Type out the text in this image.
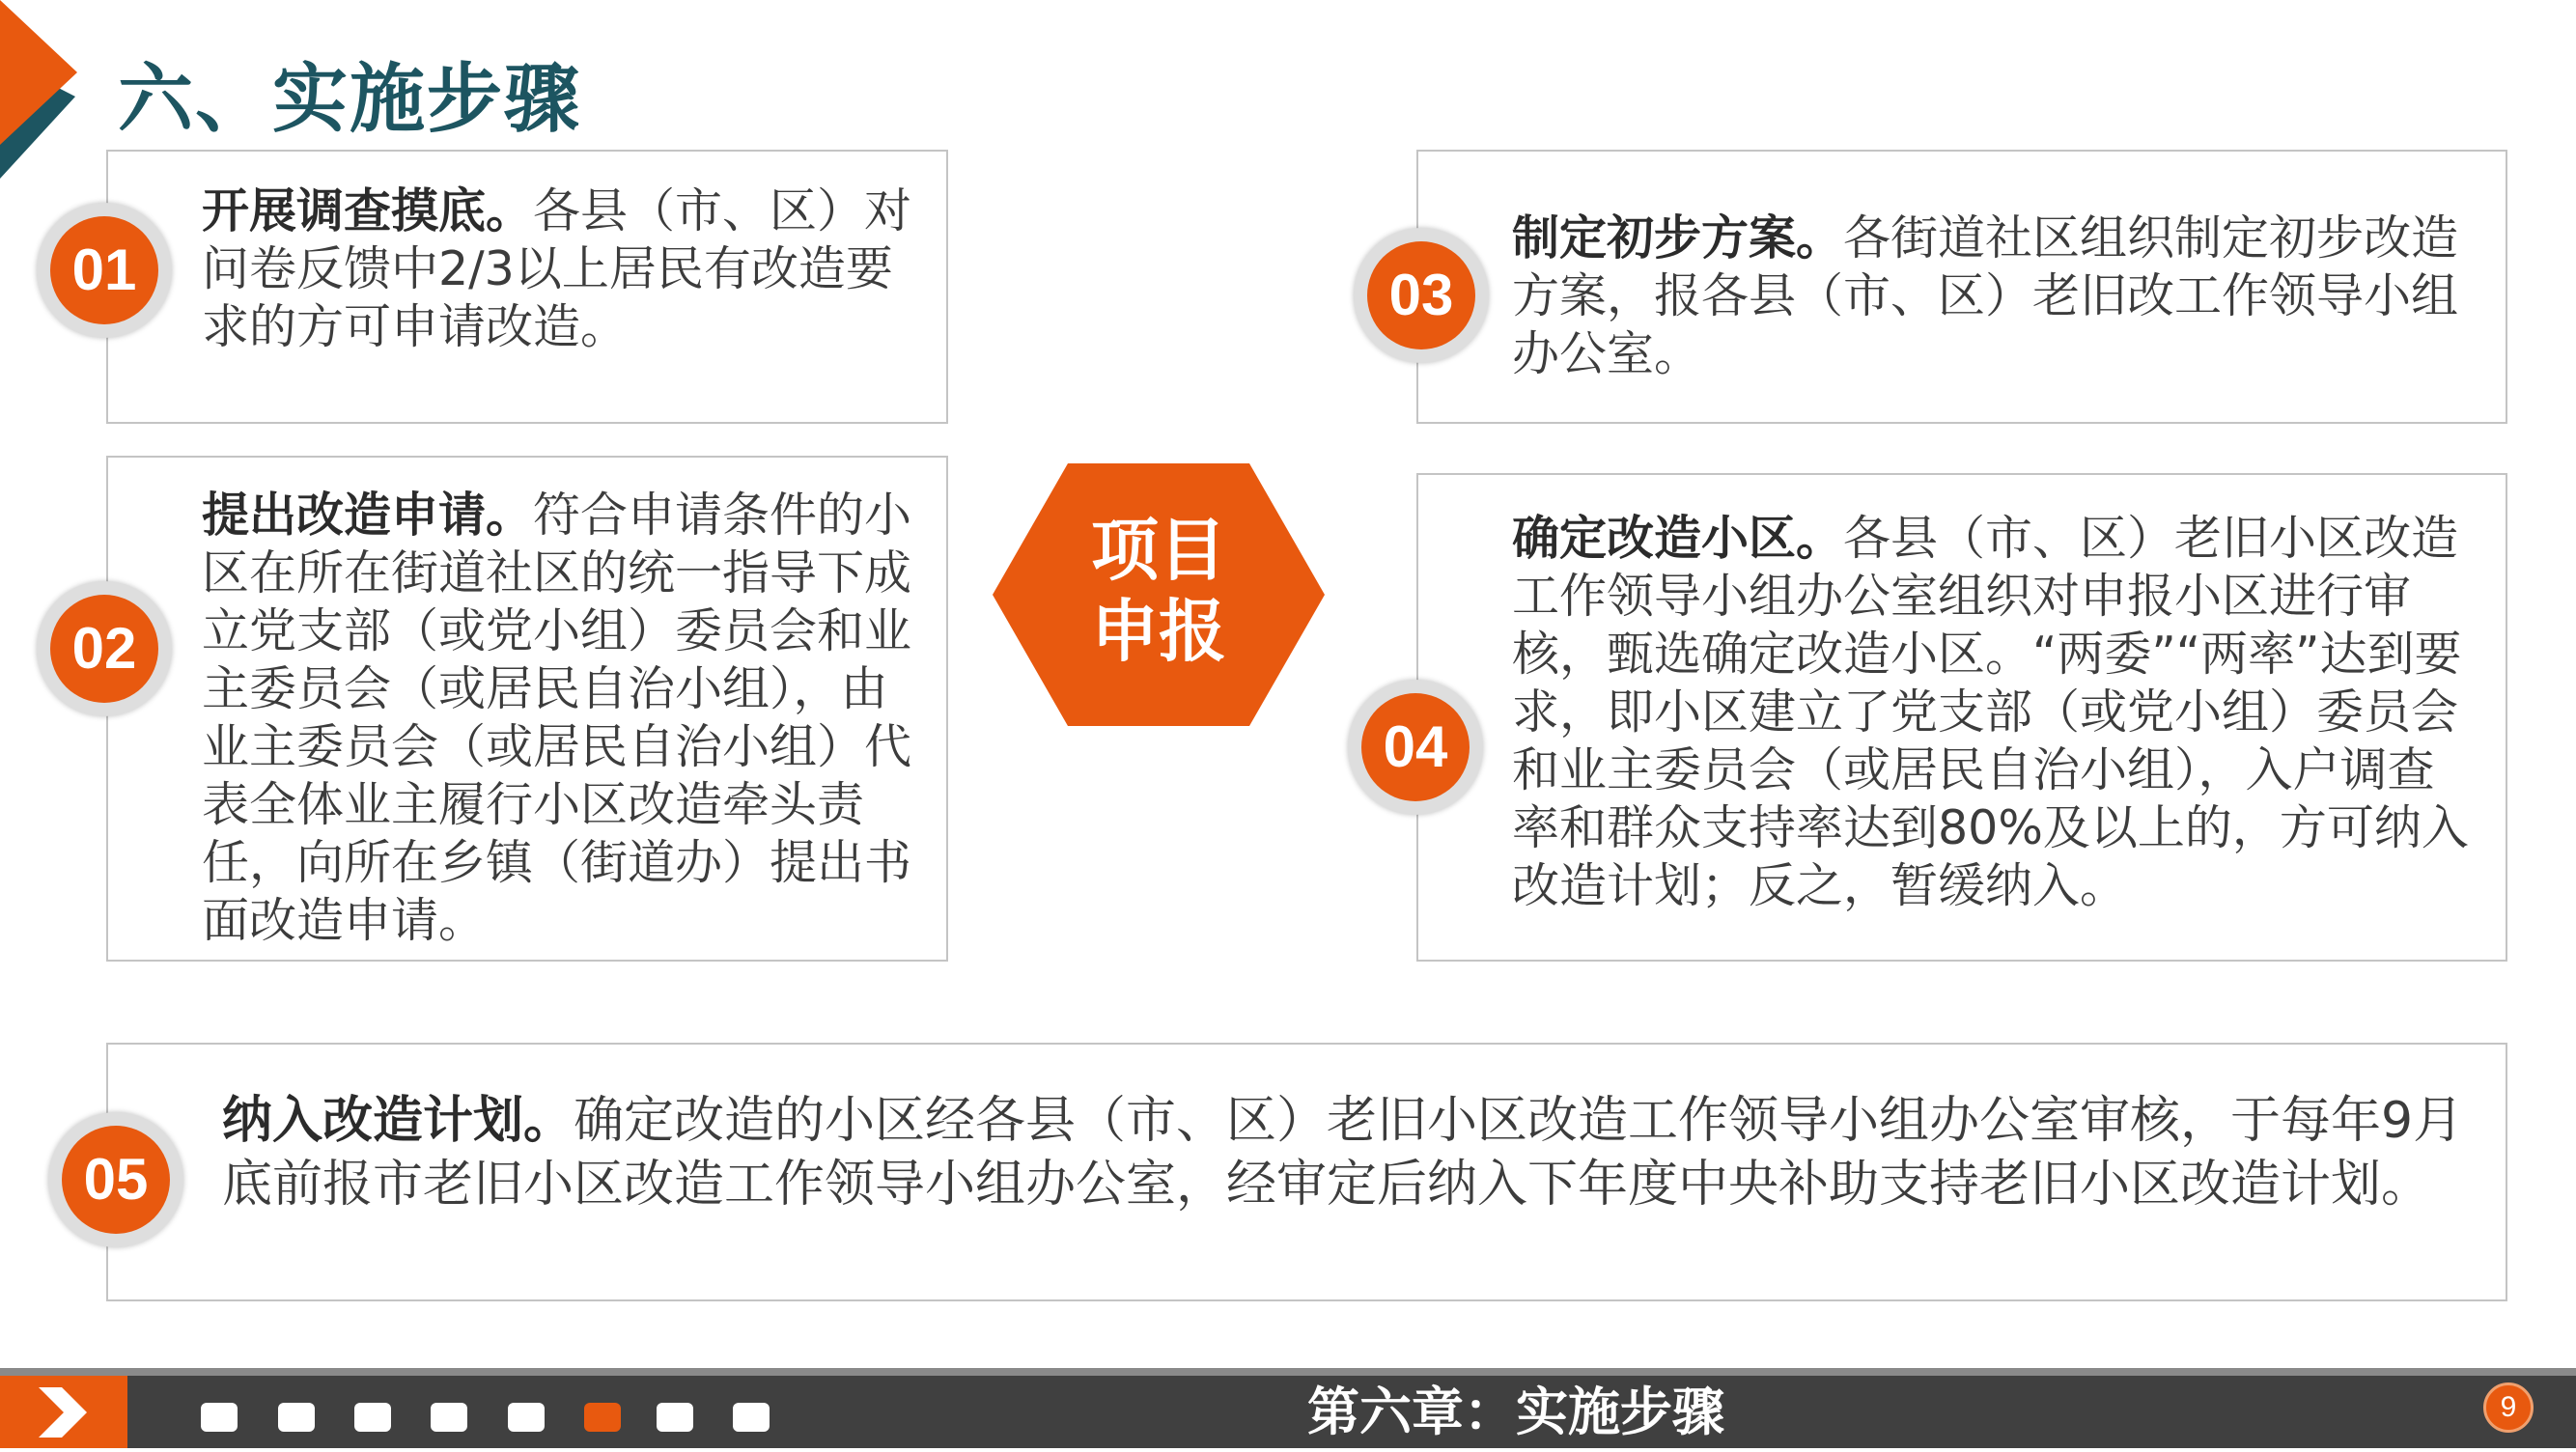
六、实施步骤
开展调查摸底。各县（市、区）对问卷反馈中2/3以上居民有改造要求的方可申请改造。
01
提出改造申请。符合申请条件的小区在所在街道社区的统一指导下成立党支部（或党小组）委员会和业主委员会（或居民自治小组），由业主委员会（或居民自治小组）代表全体业主履行小区改造牵头责任，向所在乡镇（街道办）提出书面改造申请。
02
制定初步方案。各街道社区组织制定初步改造方案，报各县（市、区）老旧改工作领导小组办公室。
03
确定改造小区。各县（市、区）老旧小区改造工作领导小组办公室组织对申报小区进行审核，甄选确定改造小区。“两委”“两率”达到要求，即小区建立了党支部（或党小组）委员会和业主委员会（或居民自治小组），入户调查率和群众支持率达到80%及以上的，方可纳入改造计划；反之，暂缓纳入。
04
纳入改造计划。确定改造的小区经各县（市、区）老旧小区改造工作领导小组办公室审核，于每年9月底前报市老旧小区改造工作领导小组办公室，经审定后纳入下年度中央补助支持老旧小区改造计划。
05
项目
申报
第六章：实施步骤	9
